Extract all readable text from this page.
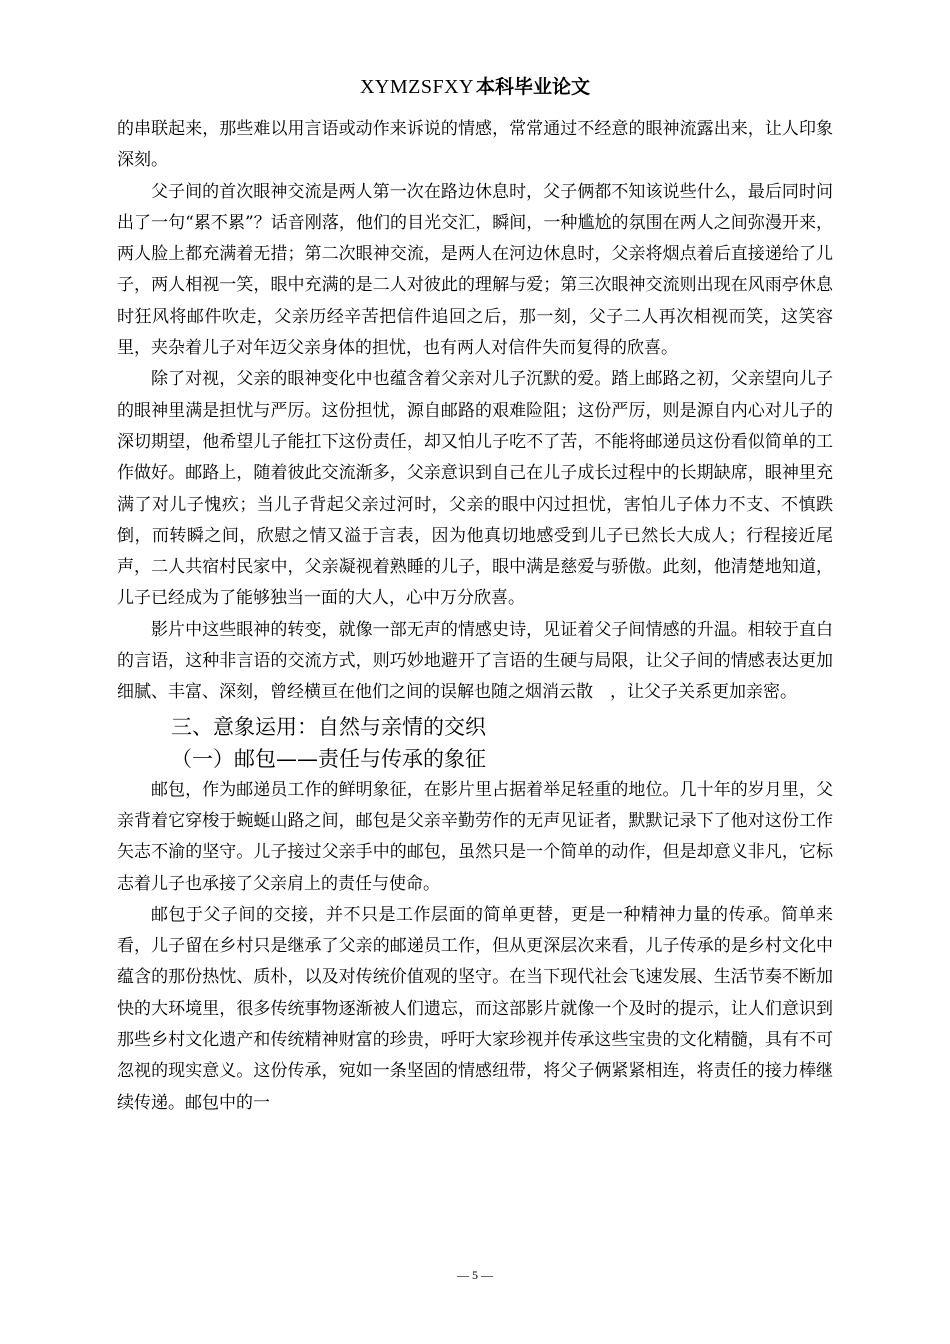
XYMZSFXY 本科毕业论文

的串联起来，那些难以用言语或动作来诉说的情感，常常通过不经意的眼神流露出来，让人印象深刻。

父子间的首次眼神交流是两人第一次在路边休息时，父子俩都不知该说些什么，最后同时问出了一句“累不累”？话音刚落，他们的目光交汇，瞬间，一种尴尬的氛围在两人之间弥漫开来，两人脸上都充满着无措；第二次眼神交流，是两人在河边休息时，父亲将烟点着后直接递给了儿子，两人相视一笑，眼中充满的是二人对彼此的理解与爱；第三次眼神交流则出现在风雨亭休息时狂风将邮件吹走，父亲历经辛苦把信件追回之后，那一刻，父子二人再次相视而笑，这笑容里，夹杂着儿子对年迈父亲身体的担忧，也有两人对信件失而复得的欣喜。

除了对视，父亲的眼神变化中也蕴含着父亲对儿子沉默的爱。踏上邮路之初，父亲望向儿子的眼神里满是担忧与严厉。这份担忧，源自邮路的艰难险阻；这份严厉，则是源自内心对儿子的深切期望，他希望儿子能扛下这份责任，却又怕儿子吃不了苦，不能将邮递员这份看似简单的工作做好。邮路上，随着彼此交流渐多，父亲意识到自己在儿子成长过程中的长期缺席，眼神里充满了对儿子愧疚；当儿子背起父亲过河时，父亲的眼中闪过担忧，害怕儿子体力不支、不慎跌倒，而转瞬之间，欣慰之情又溢于言表，因为他真切地感受到儿子已然长大成人；行程接近尾声，二人共宿村民家中，父亲凝视着熟睡的儿子，眼中满是慈爱与骄傲。此刻，他清楚地知道，儿子已经成为了能够独当一面的大人，心中万分欣喜。

影片中这些眼神的转变，就像一部无声的情感史诗，见证着父子间情感的升温。相较于直白的言语，这种非言语的交流方式，则巧妙地避开了言语的生硬与局限，让父子间的情感表达更加细腻、丰富、深刻，曾经横亘在他们之间的误解也随之烟消云散　，让父子关系更加亲密。

三、意象运用：自然与亲情的交织
（一）邮包——责任与传承的象征

邮包，作为邮递员工作的鲜明象征，在影片里占据着举足轻重的地位。几十年的岁月里，父亲背着它穿梭于蜿蜒山路之间，邮包是父亲辛勤劳作的无声见证者，默默记录下了他对这份工作矢志不渝的坚守。儿子接过父亲手中的邮包，虽然只是一个简单的动作，但是却意义非凡，它标志着儿子也承接了父亲肩上的责任与使命。

邮包于父子间的交接，并不只是工作层面的简单更替，更是一种精神力量的传承。简单来看，儿子留在乡村只是继承了父亲的邮递员工作，但从更深层次来看，儿子传承的是乡村文化中蕴含的那份热忱、质朴，以及对传统价值观的坚守。在当下现代社会飞速发展、生活节奏不断加快的大环境里，很多传统事物逐渐被人们遗忘，而这部影片就像一个及时的提示，让人们意识到那些乡村文化遗产和传统精神财富的珍贵，呼吁大家珍视并传承这些宝贵的文化精髓，具有不可忽视的现实意义。这份传承，宛如一条坚固的情感纽带，将父子俩紧紧相连，将责任的接力棒继续传递。邮包中的一

— 5 —
